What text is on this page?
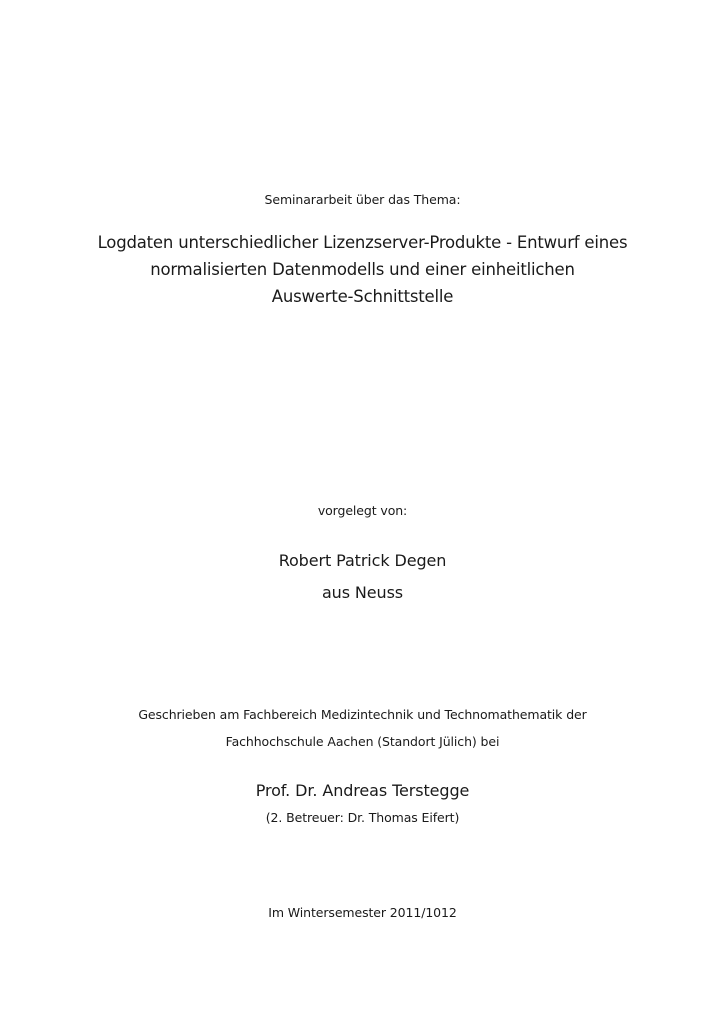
Seminararbeit über das Thema:
Logdaten unterschiedlicher Lizenzserver-Produkte - Entwurf eines
normalisierten Datenmodells und einer einheitlichen
Auswerte-Schnittstelle
vorgelegt von:
Robert Patrick Degen
aus Neuss
Geschrieben am Fachbereich Medizintechnik und Technomathematik der
Fachhochschule Aachen (Standort Jülich) bei
Prof. Dr. Andreas Terstegge
(2. Betreuer: Dr. Thomas Eifert)
Im Wintersemester 2011/1012
